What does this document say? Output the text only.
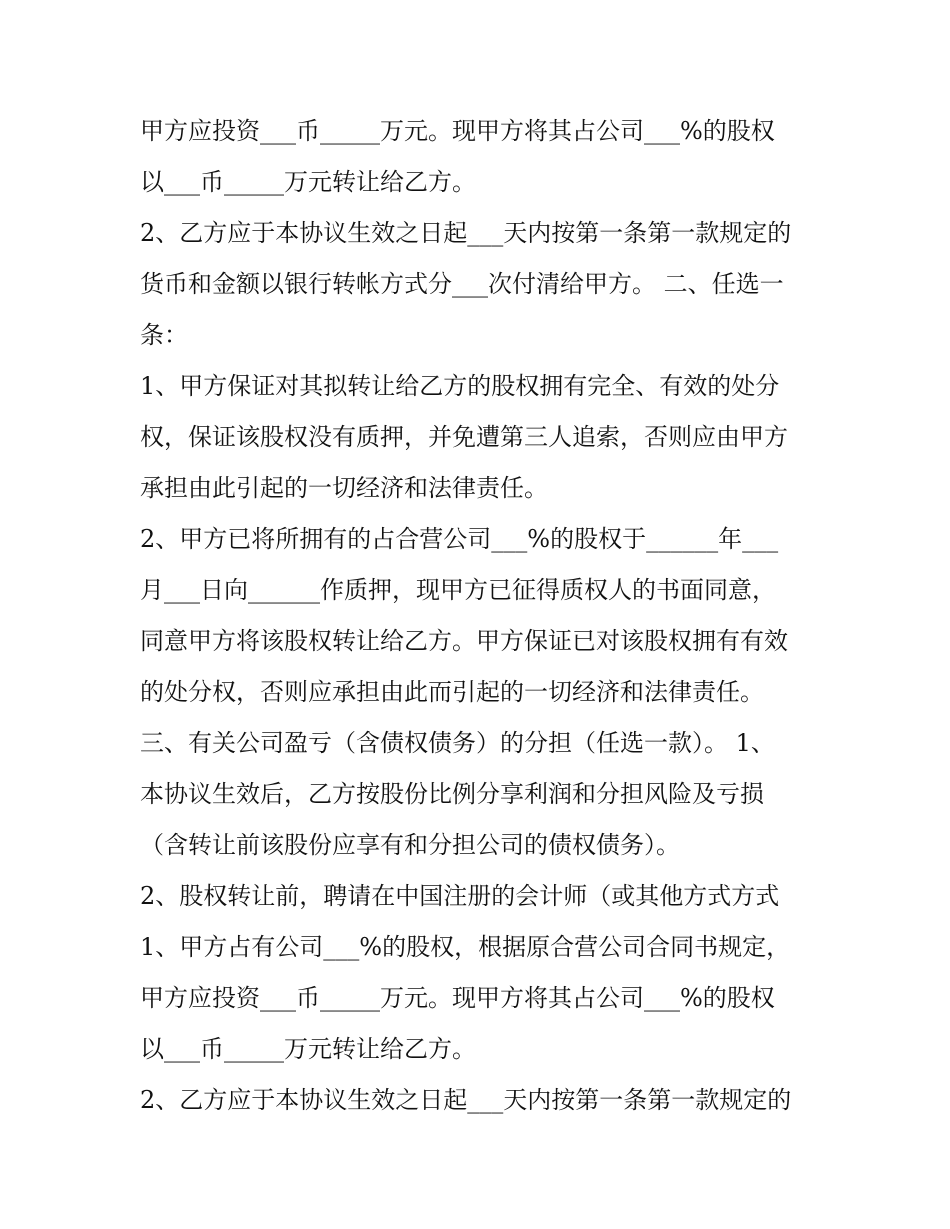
甲方应投资___币_____万元。现甲方将其占公司___%的股权
以___币_____万元转让给乙方。
2、乙方应于本协议生效之日起___天内按第一条第一款规定的
货币和金额以银行转帐方式分___次付清给甲方。 二、任选一
条：
1、甲方保证对其拟转让给乙方的股权拥有完全、有效的处分
权，保证该股权没有质押，并免遭第三人追索，否则应由甲方
承担由此引起的一切经济和法律责任。
2、甲方已将所拥有的占合营公司___%的股权于______年___
月___日向______作质押，现甲方已征得质权人的书面同意，
同意甲方将该股权转让给乙方。甲方保证已对该股权拥有有效
的处分权，否则应承担由此而引起的一切经济和法律责任。
三、有关公司盈亏（含债权债务）的分担（任选一款）。 1、
本协议生效后，乙方按股份比例分享利润和分担风险及亏损
（含转让前该股份应享有和分担公司的债权债务）。
2、股权转让前，聘请在中国注册的会计师（或其他方式方式
1、甲方占有公司___%的股权，根据原合营公司合同书规定，
甲方应投资___币_____万元。现甲方将其占公司___%的股权
以___币_____万元转让给乙方。
2、乙方应于本协议生效之日起___天内按第一条第一款规定的
